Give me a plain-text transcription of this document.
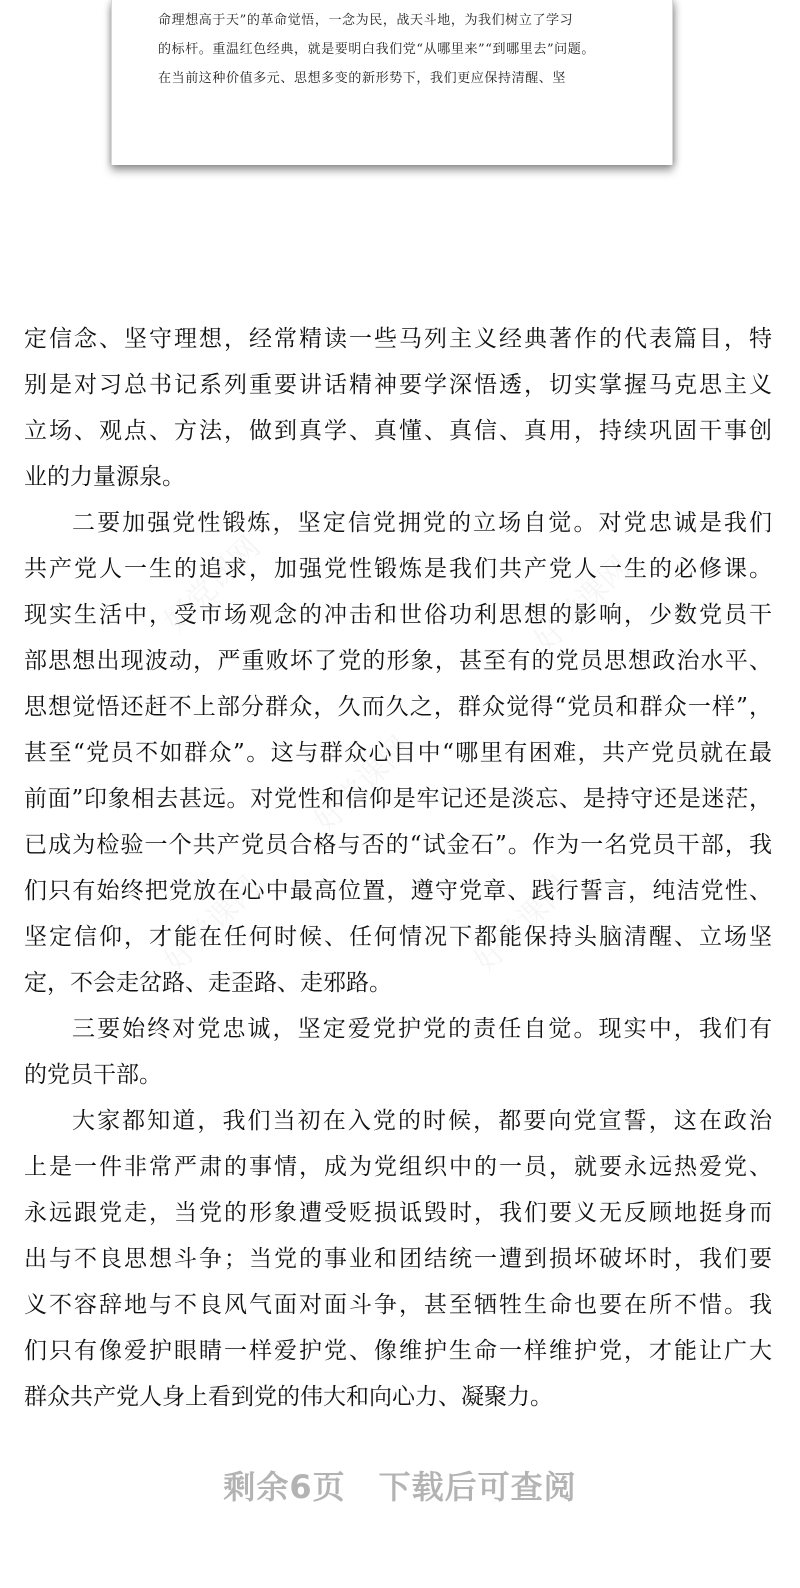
命理想高于天”的革命觉悟，一念为民，战天斗地，为我们树立了学习
的标杆。重温红色经典，就是要明白我们党“从哪里来”“到哪里去”问题。
在当前这种价值多元、思想多变的新形势下，我们更应保持清醒、坚
好党课网	好党课网
好党课网
好党课网	好党课网
定信念、坚守理想，经常精读一些马列主义经典著作的代表篇目，特
别是对习总书记系列重要讲话精神要学深悟透，切实掌握马克思主义
立场、观点、方法，做到真学、真懂、真信、真用，持续巩固干事创
业的力量源泉。
二要加强党性锻炼，坚定信党拥党的立场自觉。对党忠诚是我们
共产党人一生的追求，加强党性锻炼是我们共产党人一生的必修课。
现实生活中，受市场观念的冲击和世俗功利思想的影响，少数党员干
部思想出现波动，严重败坏了党的形象，甚至有的党员思想政治水平、
思想觉悟还赶不上部分群众，久而久之，群众觉得“党员和群众一样”，
甚至“党员不如群众”。这与群众心目中“哪里有困难，共产党员就在最
前面”印象相去甚远。对党性和信仰是牢记还是淡忘、是持守还是迷茫，
已成为检验一个共产党员合格与否的“试金石”。作为一名党员干部，我
们只有始终把党放在心中最高位置，遵守党章、践行誓言，纯洁党性、
坚定信仰，才能在任何时候、任何情况下都能保持头脑清醒、立场坚
定，不会走岔路、走歪路、走邪路。
三要始终对党忠诚，坚定爱党护党的责任自觉。现实中，我们有
的党员干部。
大家都知道，我们当初在入党的时候，都要向党宣誓，这在政治
上是一件非常严肃的事情，成为党组织中的一员，就要永远热爱党、
永远跟党走，当党的形象遭受贬损诋毁时，我们要义无反顾地挺身而
出与不良思想斗争；当党的事业和团结统一遭到损坏破坏时，我们要
义不容辞地与不良风气面对面斗争，甚至牺牲生命也要在所不惜。我
们只有像爱护眼睛一样爱护党、像维护生命一样维护党，才能让广大
群众共产党人身上看到党的伟大和向心力、凝聚力。
剩余6页　下载后可查阅
